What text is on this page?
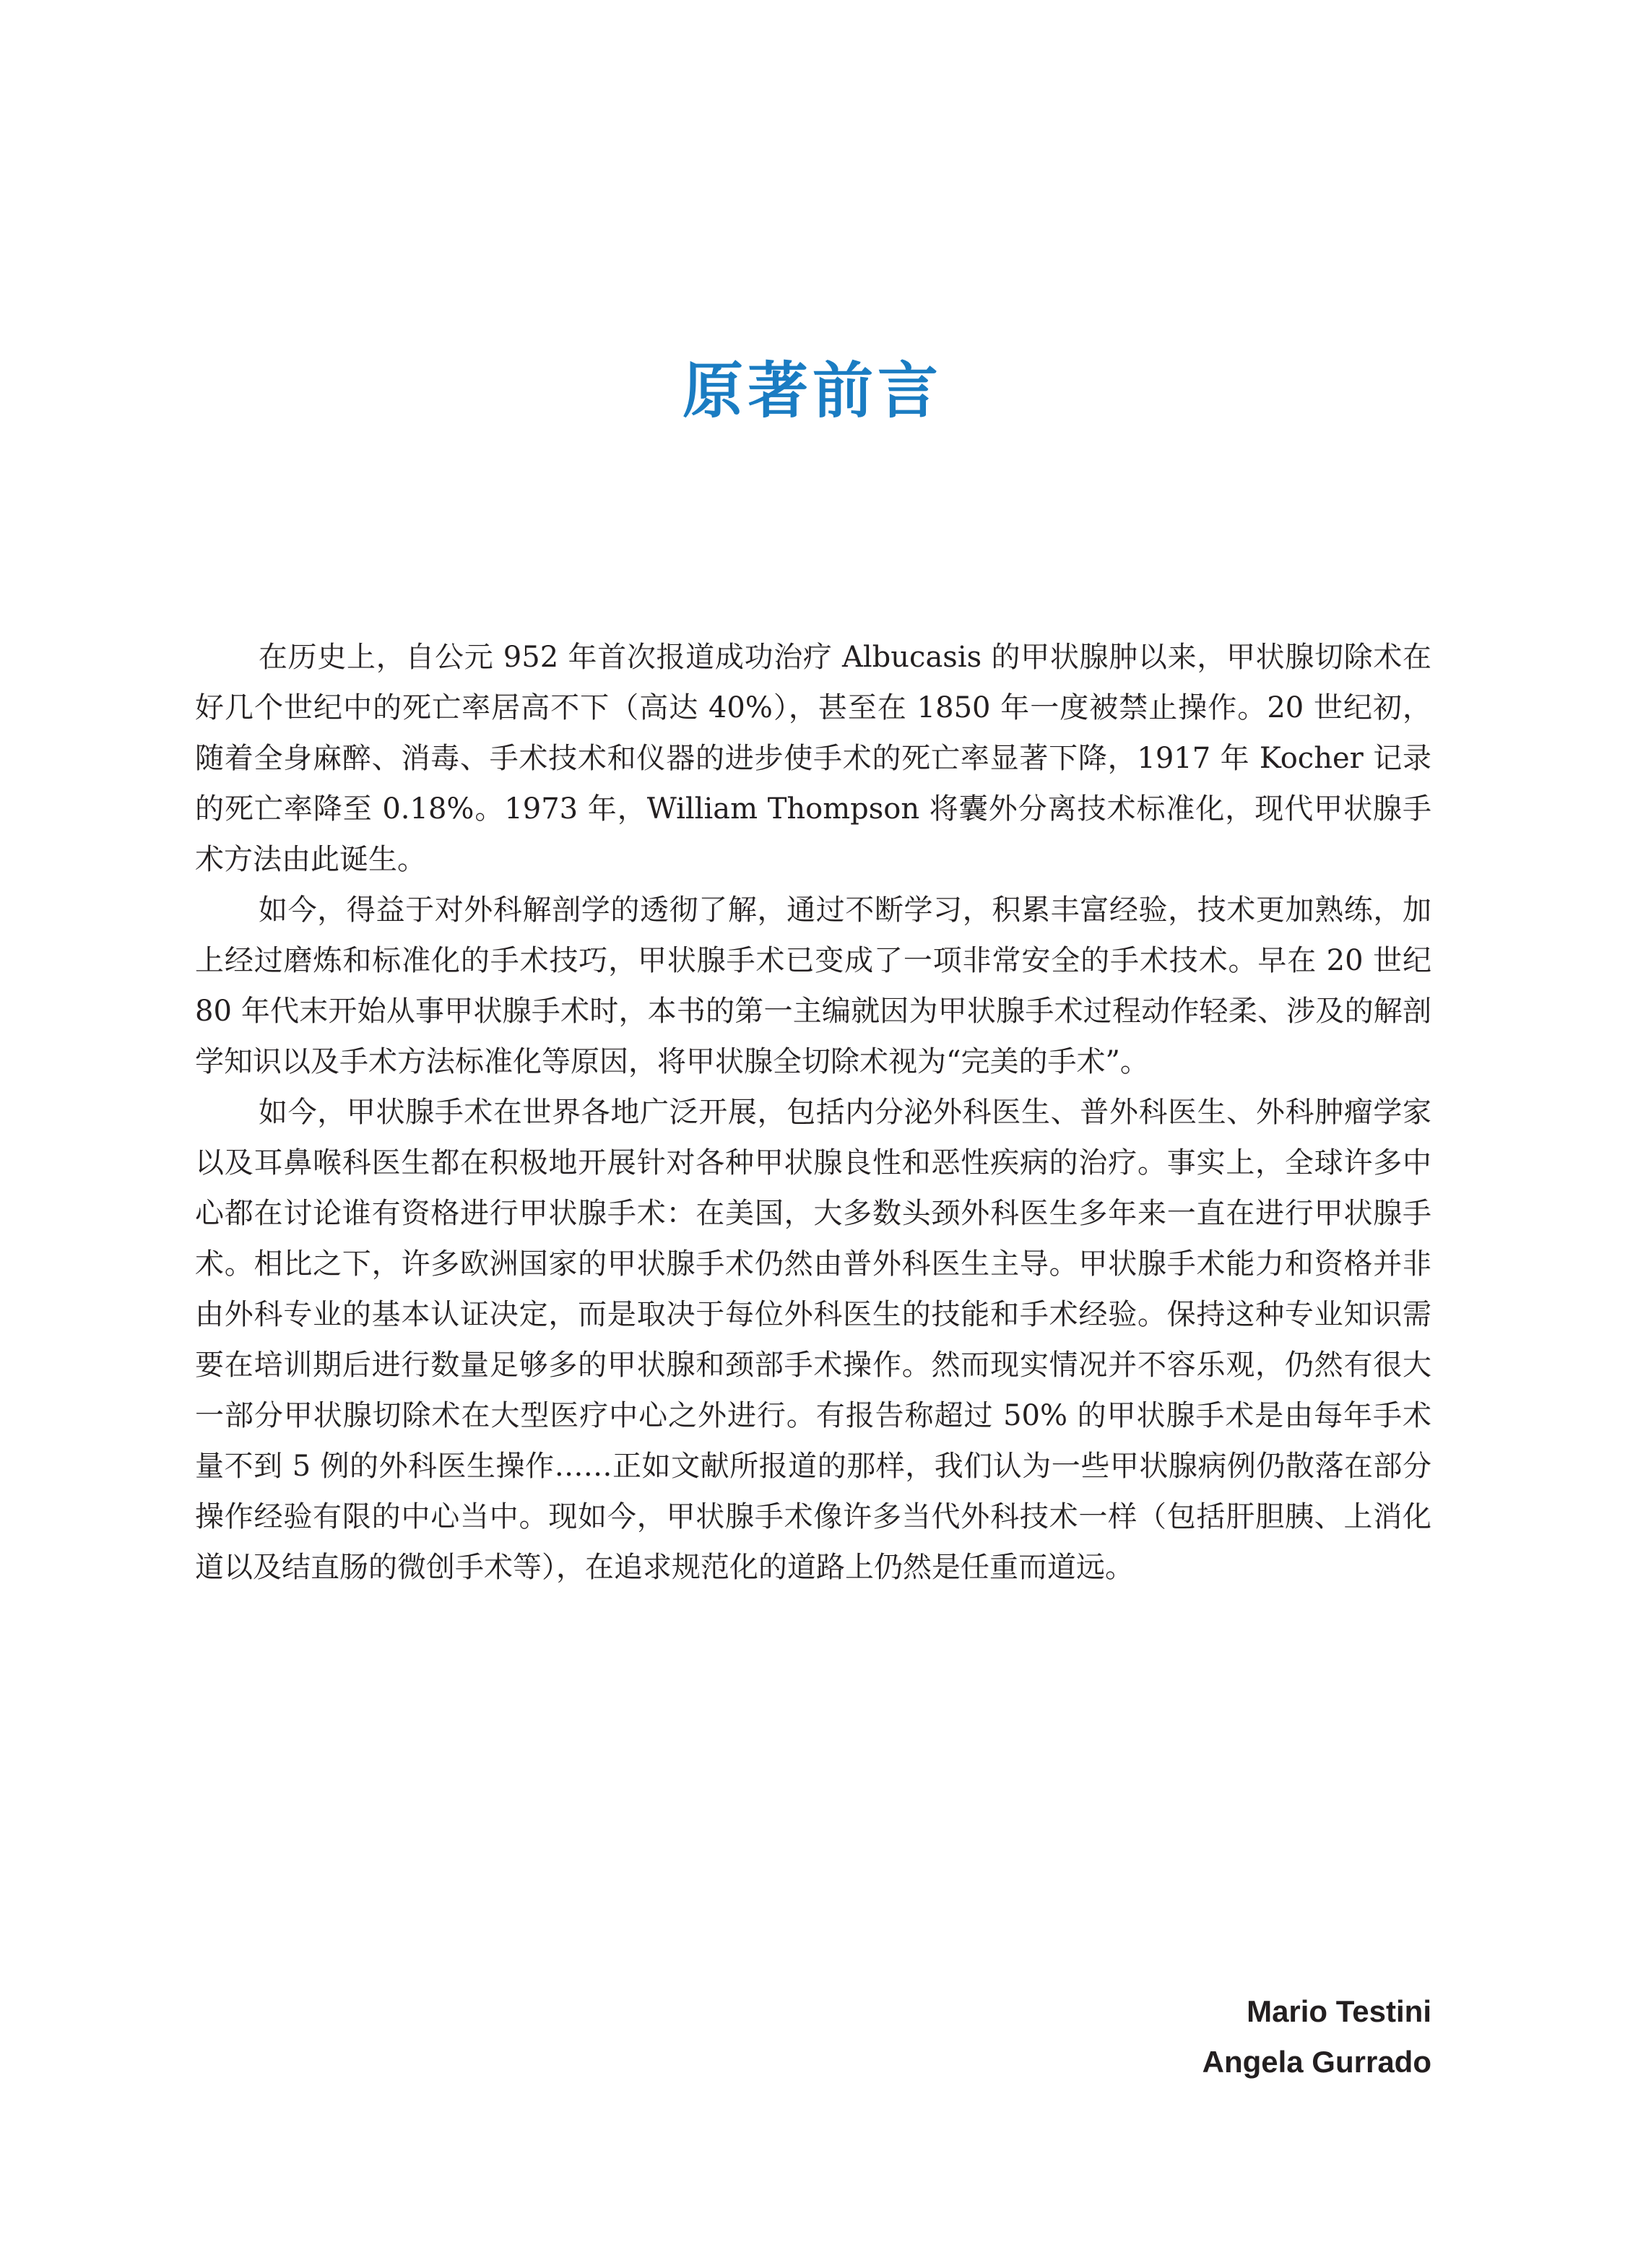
原著前言

在历史上，自公元 952 年首次报道成功治疗 Albucasis 的甲状腺肿以来，甲状腺切除术在好几个世纪中的死亡率居高不下（高达 40%），甚至在 1850 年一度被禁止操作。20 世纪初，随着全身麻醉、消毒、手术技术和仪器的进步使手术的死亡率显著下降，1917 年 Kocher 记录的死亡率降至 0.18%。1973 年，William Thompson 将囊外分离技术标准化，现代甲状腺手术方法由此诞生。

如今，得益于对外科解剖学的透彻了解，通过不断学习，积累丰富经验，技术更加熟练，加上经过磨炼和标准化的手术技巧，甲状腺手术已变成了一项非常安全的手术技术。早在 20 世纪 80 年代末开始从事甲状腺手术时，本书的第一主编就因为甲状腺手术过程动作轻柔、涉及的解剖学知识以及手术方法标准化等原因，将甲状腺全切除术视为“完美的手术”。

如今，甲状腺手术在世界各地广泛开展，包括内分泌外科医生、普外科医生、外科肿瘤学家以及耳鼻喉科医生都在积极地开展针对各种甲状腺良性和恶性疾病的治疗。事实上，全球许多中心都在讨论谁有资格进行甲状腺手术：在美国，大多数头颈外科医生多年来一直在进行甲状腺手术。相比之下，许多欧洲国家的甲状腺手术仍然由普外科医生主导。甲状腺手术能力和资格并非由外科专业的基本认证决定，而是取决于每位外科医生的技能和手术经验。保持这种专业知识需要在培训期后进行数量足够多的甲状腺和颈部手术操作。然而现实情况并不容乐观，仍然有很大一部分甲状腺切除术在大型医疗中心之外进行。有报告称超过 50% 的甲状腺手术是由每年手术量不到 5 例的外科医生操作……正如文献所报道的那样，我们认为一些甲状腺病例仍散落在部分操作经验有限的中心当中。现如今，甲状腺手术像许多当代外科技术一样（包括肝胆胰、上消化道以及结直肠的微创手术等），在追求规范化的道路上仍然是任重而道远。

Mario Testini
Angela Gurrado
